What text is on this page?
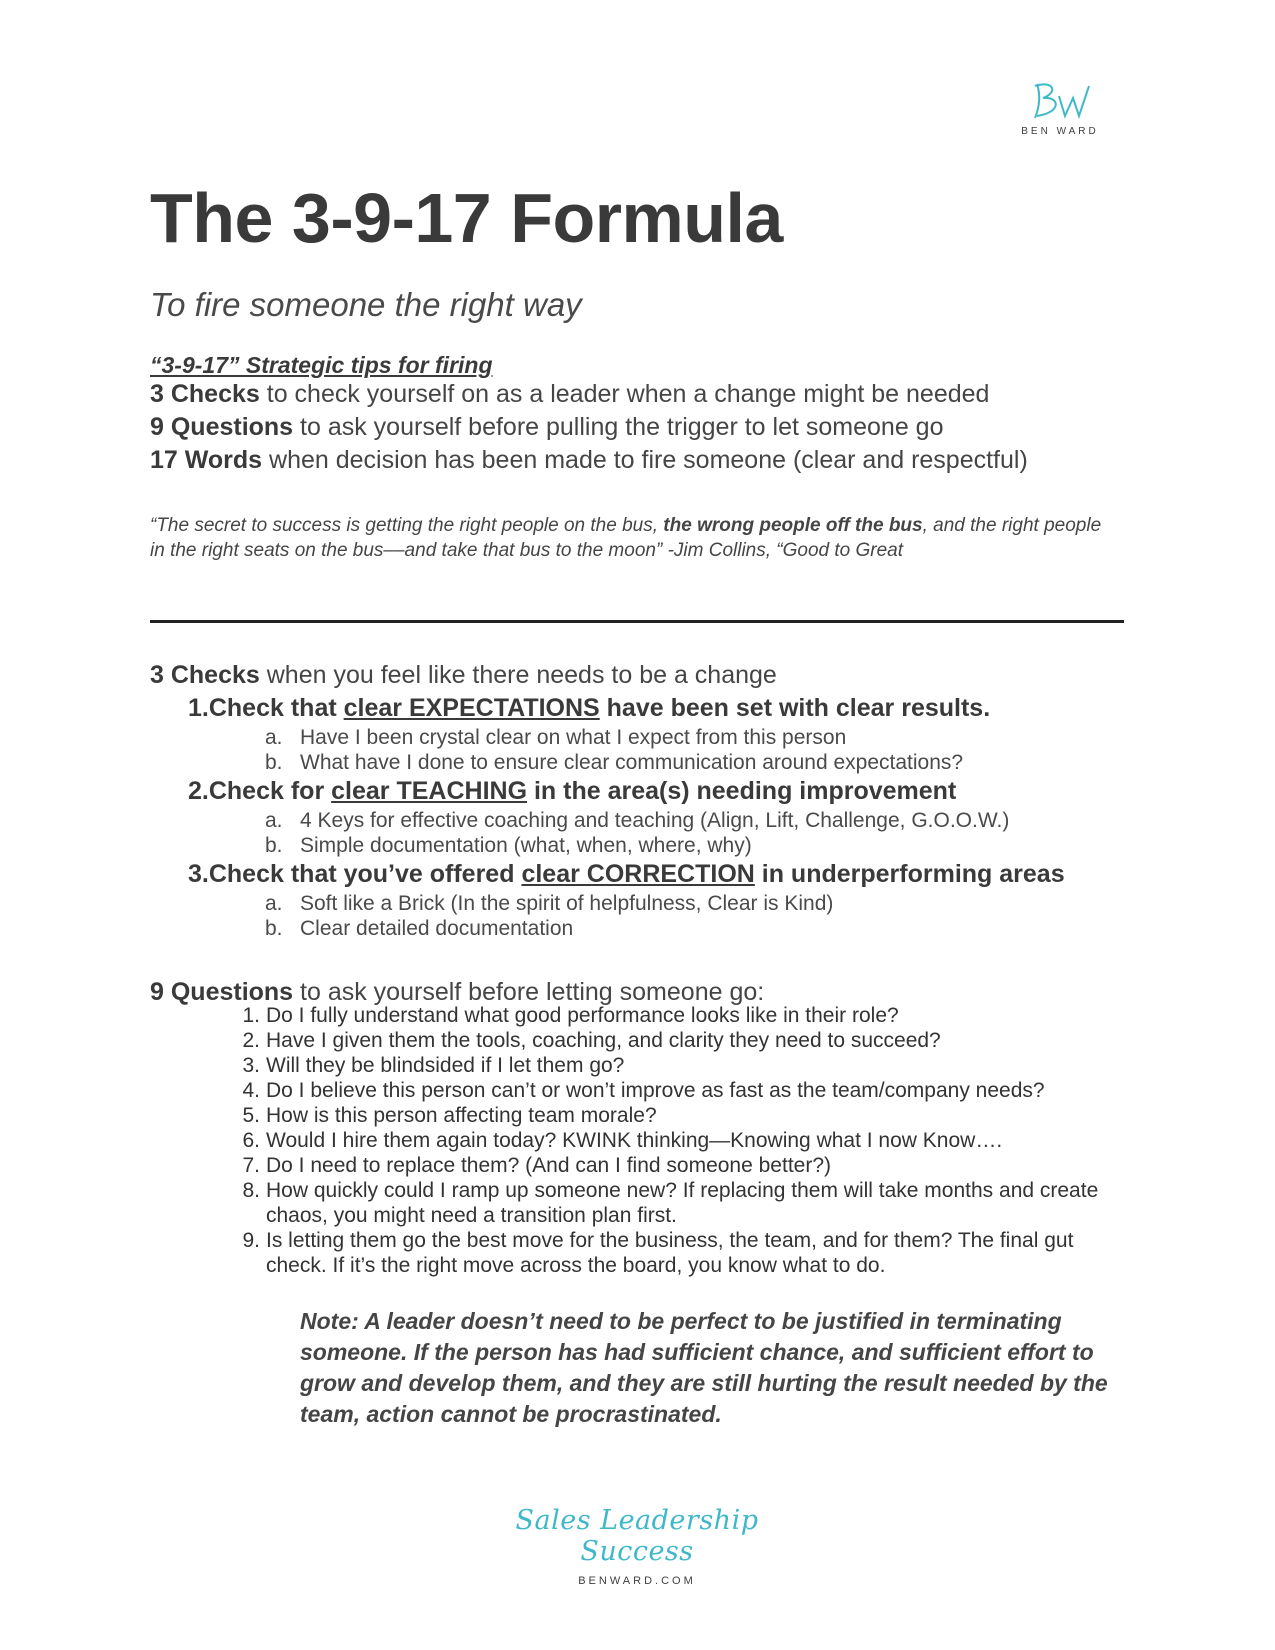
BEN WARD
The 3-9-17 Formula
To fire someone the right way
“3-9-17” Strategic tips for firing
3 Checks to check yourself on as a leader when a change might be needed
9 Questions to ask yourself before pulling the trigger to let someone go
17 Words when decision has been made to fire someone (clear and respectful)
“The secret to success is getting the right people on the bus, the wrong people off the bus, and the right people in the right seats on the bus––and take that bus to the moon” -Jim Collins, “Good to Great
3 Checks when you feel like there needs to be a change
1.Check that clear EXPECTATIONS have been set with clear results.
a. Have I been crystal clear on what I expect from this person
b. What have I done to ensure clear communication around expectations?
2.Check for clear TEACHING in the area(s) needing improvement
a. 4 Keys for effective coaching and teaching (Align, Lift, Challenge, G.O.O.W.)
b. Simple documentation (what, when, where, why)
3.Check that you’ve offered clear CORRECTION in underperforming areas
a. Soft like a Brick (In the spirit of helpfulness, Clear is Kind)
b. Clear detailed documentation
9 Questions to ask yourself before letting someone go:
1. Do I fully understand what good performance looks like in their role?
2. Have I given them the tools, coaching, and clarity they need to succeed?
3. Will they be blindsided if I let them go?
4. Do I believe this person can’t or won’t improve as fast as the team/company needs?
5. How is this person affecting team morale?
6. Would I hire them again today? KWINK thinking—Knowing what I now Know….
7. Do I need to replace them? (And can I find someone better?)
8. How quickly could I ramp up someone new? If replacing them will take months and create chaos, you might need a transition plan first.
9. Is letting them go the best move for the business, the team, and for them? The final gut check. If it’s the right move across the board, you know what to do.
Note: A leader doesn’t need to be perfect to be justified in terminating someone. If the person has had sufficient chance, and sufficient effort to grow and develop them, and they are still hurting the result needed by the team, action cannot be procrastinated.
Sales Leadership Success
BENWARD.COM
